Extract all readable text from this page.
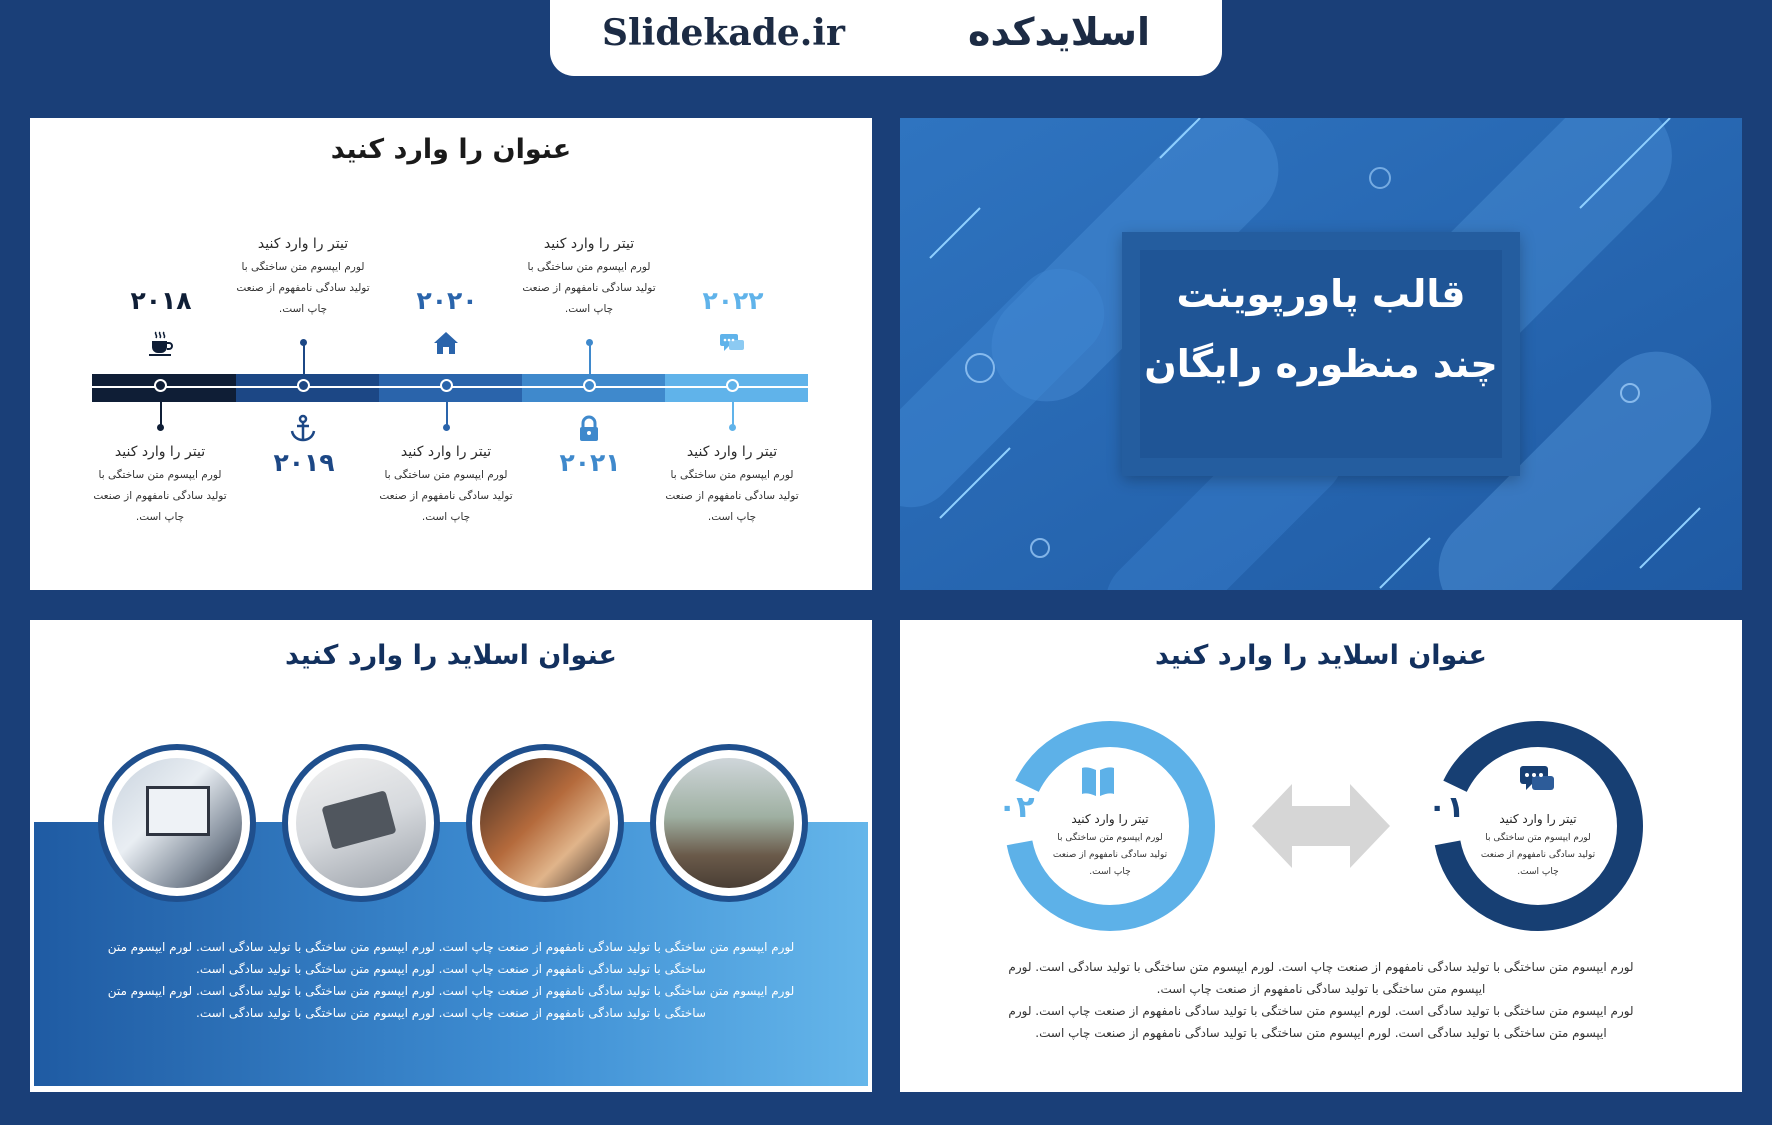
Slidekade.ir	اسلایدکده
عنوان را وارد کنید
۲۰۱۸
۲۰۱۹
۲۰۲۰
۲۰۲۱
۲۰۲۲
تیتر را وارد کنید
لورم ایپسوم متن ساختگی با
تولید سادگی نامفهوم از صنعت
چاپ است.
تیتر را وارد کنید
لورم ایپسوم متن ساختگی با
تولید سادگی نامفهوم از صنعت
چاپ است.
تیتر را وارد کنید
لورم ایپسوم متن ساختگی با
تولید سادگی نامفهوم از صنعت
چاپ است.
تیتر را وارد کنید
لورم ایپسوم متن ساختگی با
تولید سادگی نامفهوم از صنعت
چاپ است.
تیتر را وارد کنید
لورم ایپسوم متن ساختگی با
تولید سادگی نامفهوم از صنعت
چاپ است.
قالب پاورپوینت
چند منظوره رایگان
عنوان اسلاید را وارد کنید
لورم ایپسوم متن ساختگی با تولید سادگی نامفهوم از صنعت چاپ است. لورم ایپسوم متن ساختگی با تولید سادگی است. لورم ایپسوم متن
ساختگی با تولید سادگی نامفهوم از صنعت چاپ است. لورم ایپسوم متن ساختگی با تولید سادگی است.
لورم ایپسوم متن ساختگی با تولید سادگی نامفهوم از صنعت چاپ است. لورم ایپسوم متن ساختگی با تولید سادگی است. لورم ایپسوم متن
ساختگی با تولید سادگی نامفهوم از صنعت چاپ است. لورم ایپسوم متن ساختگی با تولید سادگی است.
عنوان اسلاید را وارد کنید
۰۲	۰۱
تیتر را وارد کنید
لورم ایپسوم متن ساختگی با
تولید سادگی نامفهوم از صنعت
چاپ است.
تیتر را وارد کنید
لورم ایپسوم متن ساختگی با
تولید سادگی نامفهوم از صنعت
چاپ است.
لورم ایپسوم متن ساختگی با تولید سادگی نامفهوم از صنعت چاپ است. لورم ایپسوم متن ساختگی با تولید سادگی است. لورم
ایپسوم متن ساختگی با تولید سادگی نامفهوم از صنعت چاپ است.
لورم ایپسوم متن ساختگی با تولید سادگی است. لورم ایپسوم متن ساختگی با تولید سادگی نامفهوم از صنعت چاپ است. لورم
ایپسوم متن ساختگی با تولید سادگی است. لورم ایپسوم متن ساختگی با تولید سادگی نامفهوم از صنعت چاپ است.
